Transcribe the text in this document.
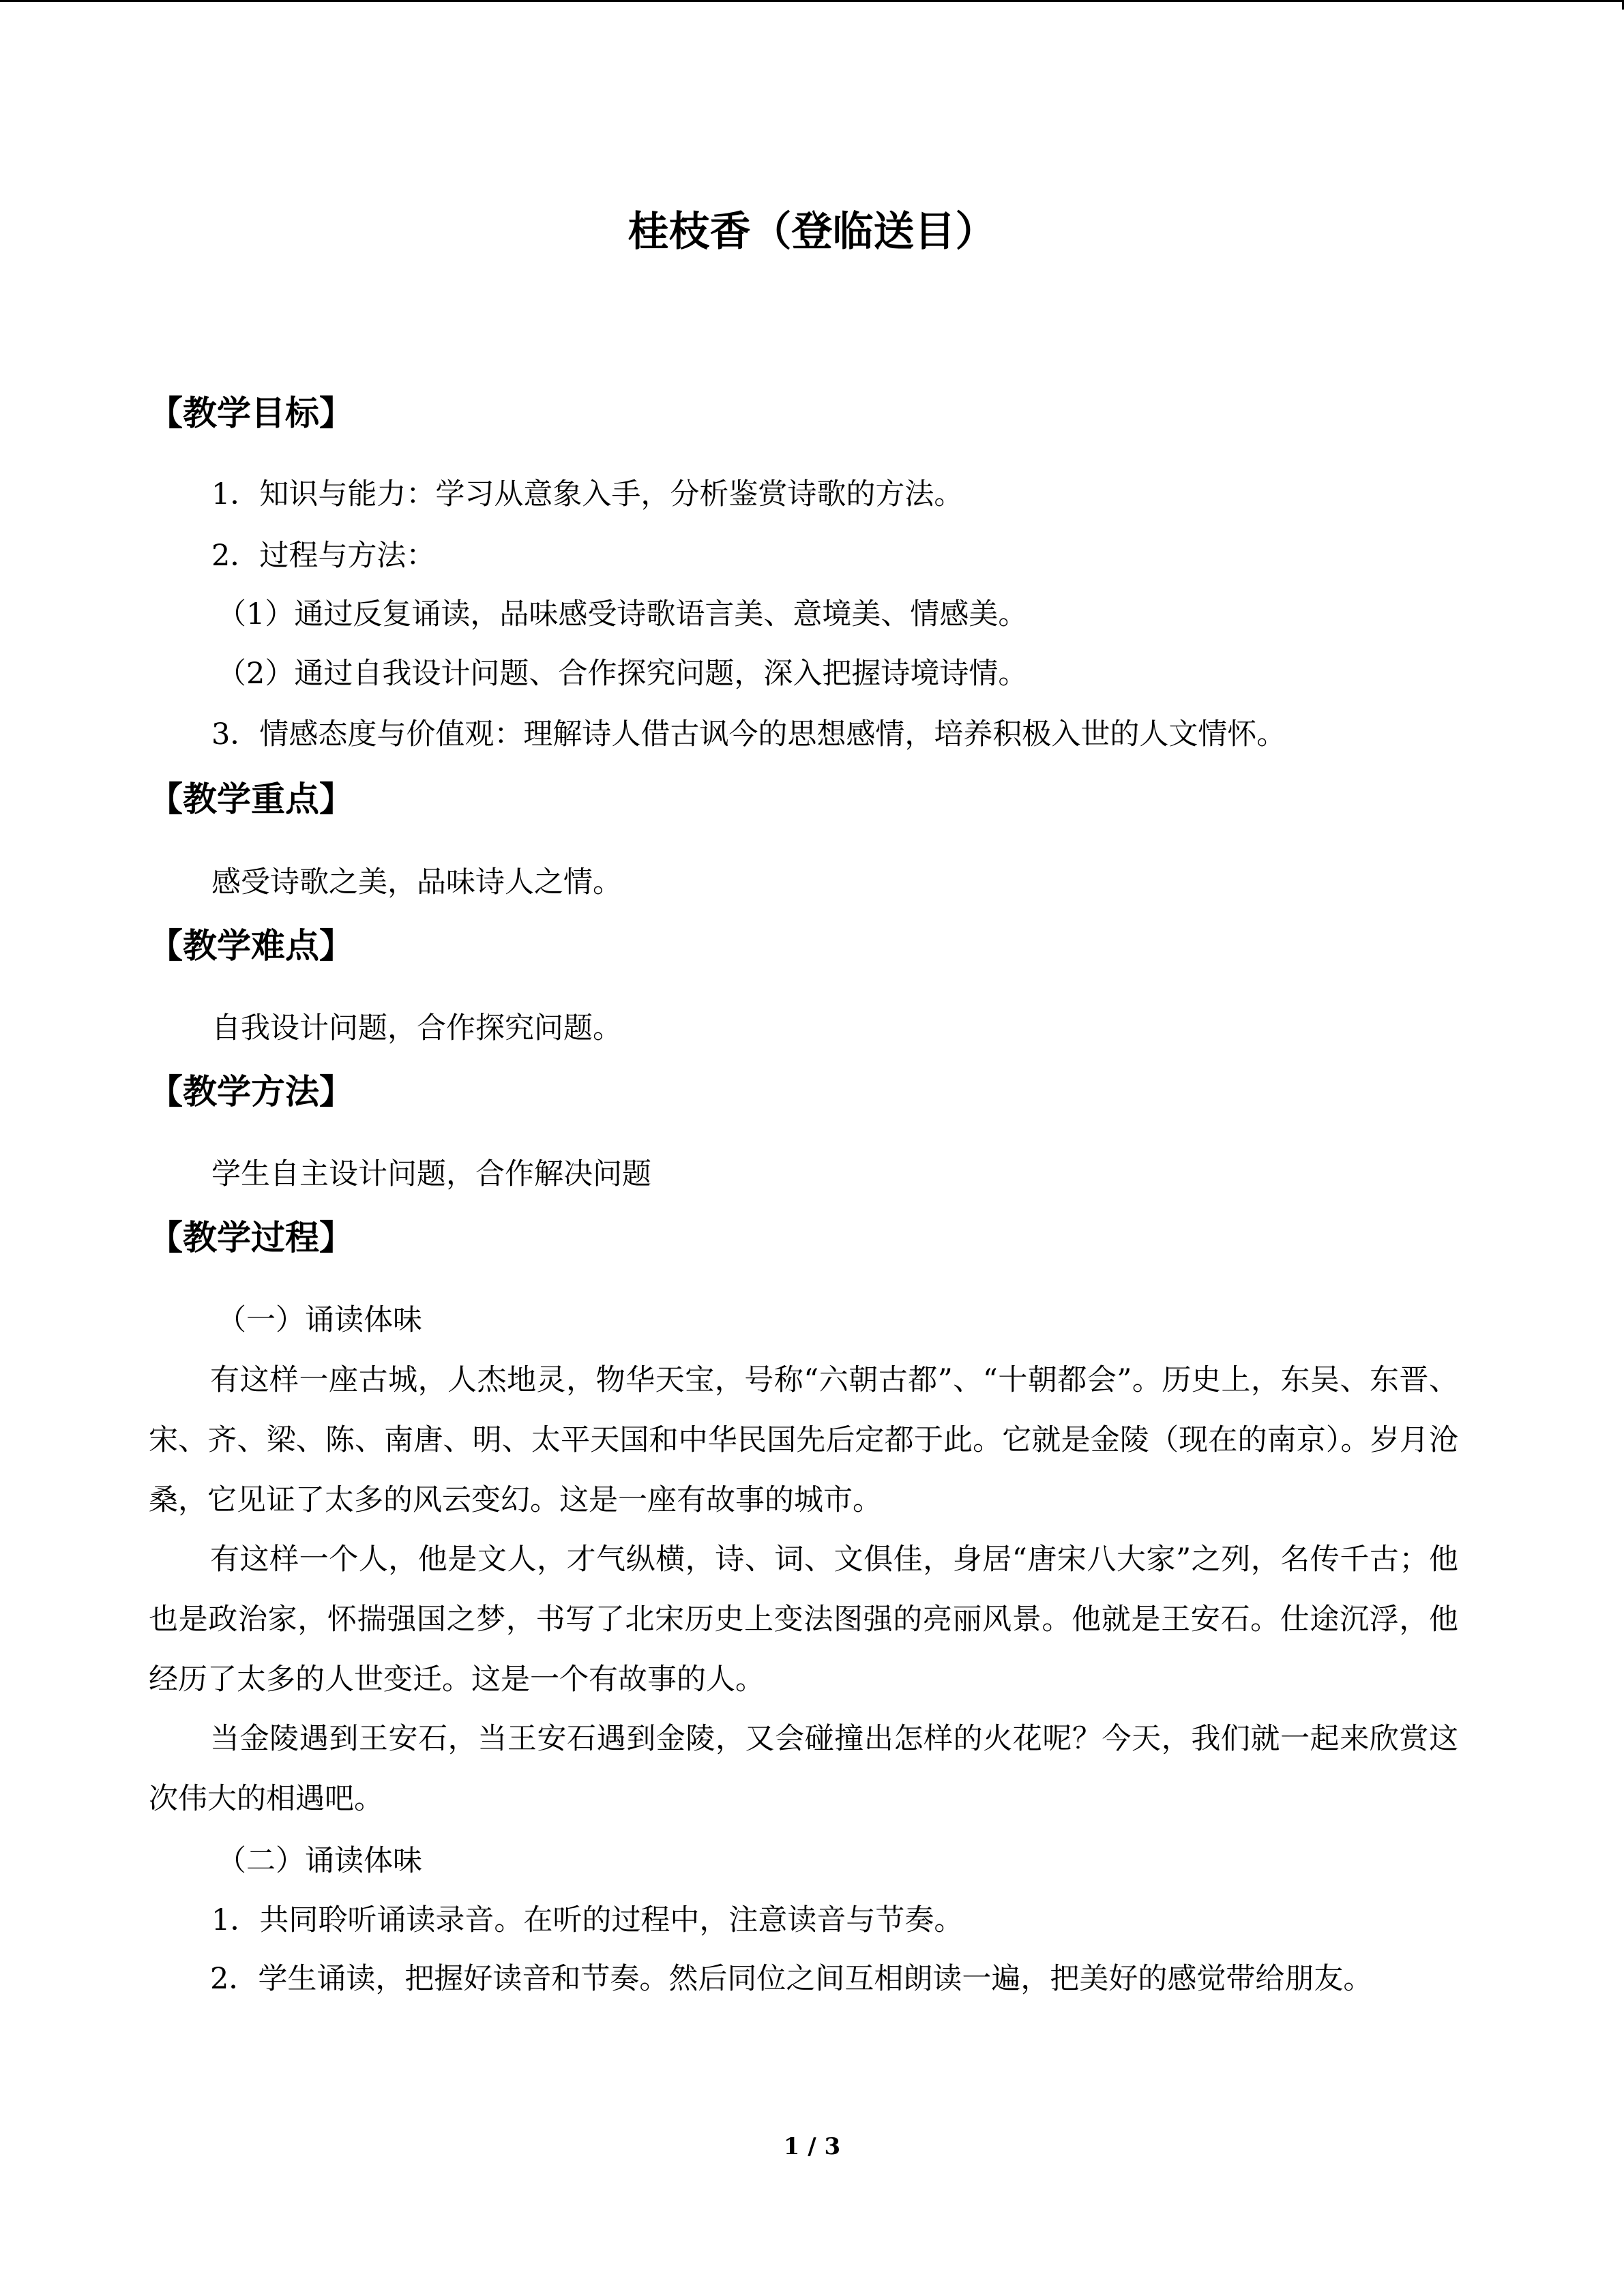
桂枝香（登临送目）
【教学目标】

1．知识与能力：学习从意象入手，分析鉴赏诗歌的方法。

2．过程与方法：

（1）通过反复诵读，品味感受诗歌语言美、意境美、情感美。

（2）通过自我设计问题、合作探究问题，深入把握诗境诗情。

3．情感态度与价值观：理解诗人借古讽今的思想感情，培养积极入世的人文情怀。

【教学重点】

感受诗歌之美，品味诗人之情。

【教学难点】

自我设计问题，合作探究问题。

【教学方法】

学生自主设计问题，合作解决问题

【教学过程】

（一）诵读体味

有这样一座古城，人杰地灵，物华天宝，号称“六朝古都”、“十朝都会”。历史上，东吴、东晋、宋、齐、梁、陈、南唐、明、太平天国和中华民国先后定都于此。它就是金陵（现在的南京）。岁月沧桑，它见证了太多的风云变幻。这是一座有故事的城市。

有这样一个人，他是文人，才气纵横，诗、词、文俱佳，身居“唐宋八大家”之列，名传千古；他也是政治家，怀揣强国之梦，书写了北宋历史上变法图强的亮丽风景。他就是王安石。仕途沉浮，他经历了太多的人世变迁。这是一个有故事的人。

当金陵遇到王安石，当王安石遇到金陵，又会碰撞出怎样的火花呢？今天，我们就一起来欣赏这次伟大的相遇吧。

（二）诵读体味

1．共同聆听诵读录音。在听的过程中，注意读音与节奏。

2．学生诵读，把握好读音和节奏。然后同位之间互相朗读一遍，把美好的感觉带给朋友。

1 / 3
